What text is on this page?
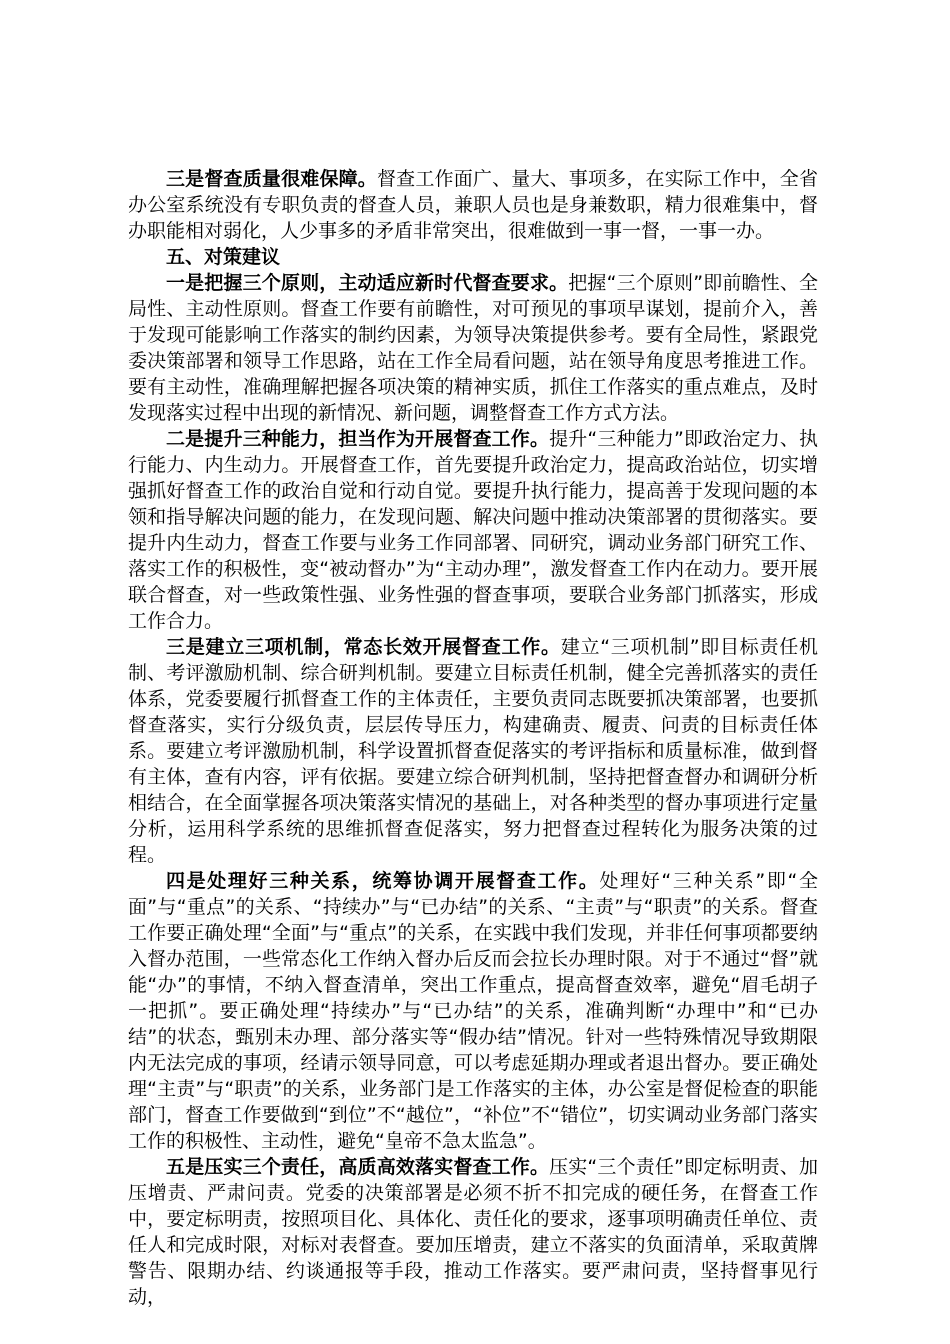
三是督查质量很难保障。督查工作面广、量大、事项多，在实际工作中，全省办公室系统没有专职负责的督查人员，兼职人员也是身兼数职，精力很难集中，督办职能相对弱化，人少事多的矛盾非常突出，很难做到一事一督，一事一办。

五、对策建议

一是把握三个原则，主动适应新时代督查要求。把握“三个原则”即前瞻性、全局性、主动性原则。督查工作要有前瞻性，对可预见的事项早谋划，提前介入，善于发现可能影响工作落实的制约因素，为领导决策提供参考。要有全局性，紧跟党委决策部署和领导工作思路，站在工作全局看问题，站在领导角度思考推进工作。要有主动性，准确理解把握各项决策的精神实质，抓住工作落实的重点难点，及时发现落实过程中出现的新情况、新问题，调整督查工作方式方法。

二是提升三种能力，担当作为开展督查工作。提升“三种能力”即政治定力、执行能力、内生动力。开展督查工作，首先要提升政治定力，提高政治站位，切实增强抓好督查工作的政治自觉和行动自觉。要提升执行能力，提高善于发现问题的本领和指导解决问题的能力，在发现问题、解决问题中推动决策部署的贯彻落实。要提升内生动力，督查工作要与业务工作同部署、同研究，调动业务部门研究工作、落实工作的积极性，变“被动督办”为“主动办理”，激发督查工作内在动力。要开展联合督查，对一些政策性强、业务性强的督查事项，要联合业务部门抓落实，形成工作合力。

三是建立三项机制，常态长效开展督查工作。建立“三项机制”即目标责任机制、考评激励机制、综合研判机制。要建立目标责任机制，健全完善抓落实的责任体系，党委要履行抓督查工作的主体责任，主要负责同志既要抓决策部署，也要抓督查落实，实行分级负责，层层传导压力，构建确责、履责、问责的目标责任体系。要建立考评激励机制，科学设置抓督查促落实的考评指标和质量标准，做到督有主体，查有内容，评有依据。要建立综合研判机制，坚持把督查督办和调研分析相结合，在全面掌握各项决策落实情况的基础上，对各种类型的督办事项进行定量分析，运用科学系统的思维抓督查促落实，努力把督查过程转化为服务决策的过程。

四是处理好三种关系，统筹协调开展督查工作。处理好“三种关系”即“全面”与“重点”的关系、“持续办”与“已办结”的关系、“主责”与“职责”的关系。督查工作要正确处理“全面”与“重点”的关系，在实践中我们发现，并非任何事项都要纳入督办范围，一些常态化工作纳入督办后反而会拉长办理时限。对于不通过“督”就能“办”的事情，不纳入督查清单，突出工作重点，提高督查效率，避免“眉毛胡子一把抓”。要正确处理“持续办”与“已办结”的关系，准确判断“办理中”和“已办结”的状态，甄别未办理、部分落实等“假办结”情况。针对一些特殊情况导致期限内无法完成的事项，经请示领导同意，可以考虑延期办理或者退出督办。要正确处理“主责”与“职责”的关系，业务部门是工作落实的主体，办公室是督促检查的职能部门，督查工作要做到“到位”不“越位”，“补位”不“错位”，切实调动业务部门落实工作的积极性、主动性，避免“皇帝不急太监急”。

五是压实三个责任，高质高效落实督查工作。压实“三个责任”即定标明责、加压增责、严肃问责。党委的决策部署是必须不折不扣完成的硬任务，在督查工作中，要定标明责，按照项目化、具体化、责任化的要求，逐事项明确责任单位、责任人和完成时限，对标对表督查。要加压增责，建立不落实的负面清单，采取黄牌警告、限期办结、约谈通报等手段，推动工作落实。要严肃问责，坚持督事见行动，
